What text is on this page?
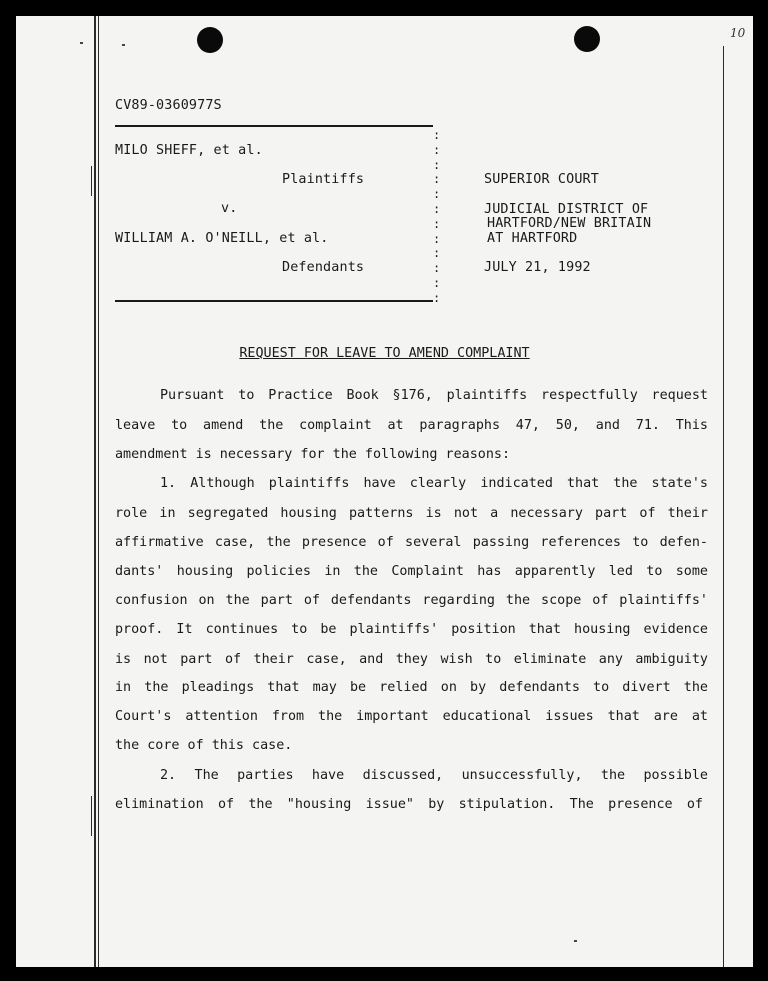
10
CV89-0360977S
:
:
:
:
:
:
:
:
:
:
:
:
MILO SHEFF, et al.
Plaintiffs
v.
WILLIAM A. O'NEILL, et al.
Defendants
SUPERIOR COURT
JUDICIAL DISTRICT OF
HARTFORD/NEW BRITAIN
AT HARTFORD
JULY 21, 1992
REQUEST FOR LEAVE TO AMEND COMPLAINT
Pursuant to Practice Book §176, plaintiffs respectfully request
leave to amend the complaint at paragraphs 47, 50, and 71. This
amendment is necessary for the following reasons:
1. Although plaintiffs have clearly indicated that the state's
role in segregated housing patterns is not a necessary part of their
affirmative case, the presence of several passing references to defen-
dants' housing policies in the Complaint has apparently led to some
confusion on the part of defendants regarding the scope of plaintiffs'
proof. It continues to be plaintiffs' position that housing evidence
is not part of their case, and they wish to eliminate any ambiguity
in the pleadings that may be relied on by defendants to divert the
Court's attention from the important educational issues that are at
the core of this case.
2. The parties have discussed, unsuccessfully, the possible
elimination of the "housing issue" by stipulation. The presence of
